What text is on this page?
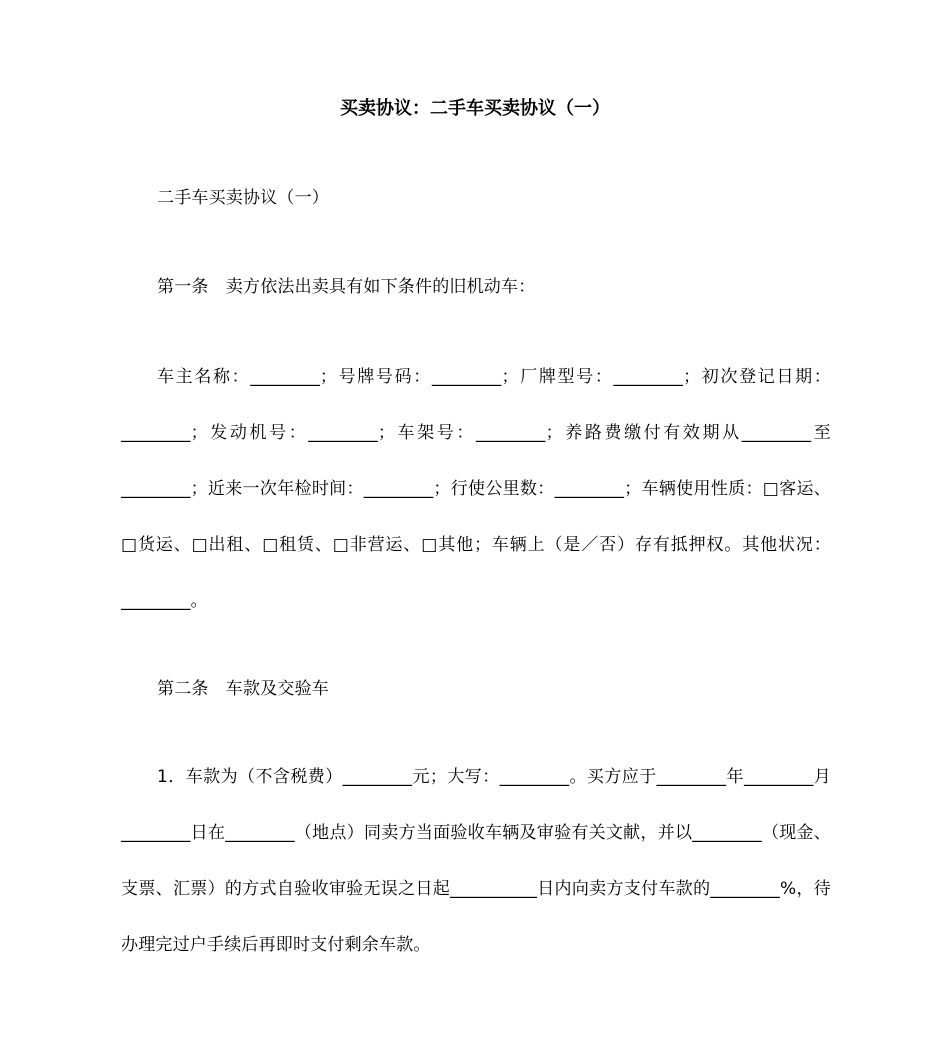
买卖协议：二手车买卖协议（一）
二手车买卖协议（一）
第一条　卖方依法出卖具有如下条件的旧机动车：
车主名称：________；号牌号码：________；厂牌型号：________；初次登记日期：________；发动机号：________；车架号：________；养路费缴付有效期从________至________；近来一次年检时间：________；行使公里数：________；车辆使用性质：□客运、□货运、□出租、□租赁、□非营运、□其他；车辆上（是／否）存有抵押权。其他状况：________。
第二条　车款及交验车
1．车款为（不含税费）________元；大写：________。买方应于________年________月________日在________（地点）同卖方当面验收车辆及审验有关文献，并以________（现金、支票、汇票）的方式自验收审验无误之日起__________日内向卖方支付车款的________%，待办理完过户手续后再即时支付剩余车款。
